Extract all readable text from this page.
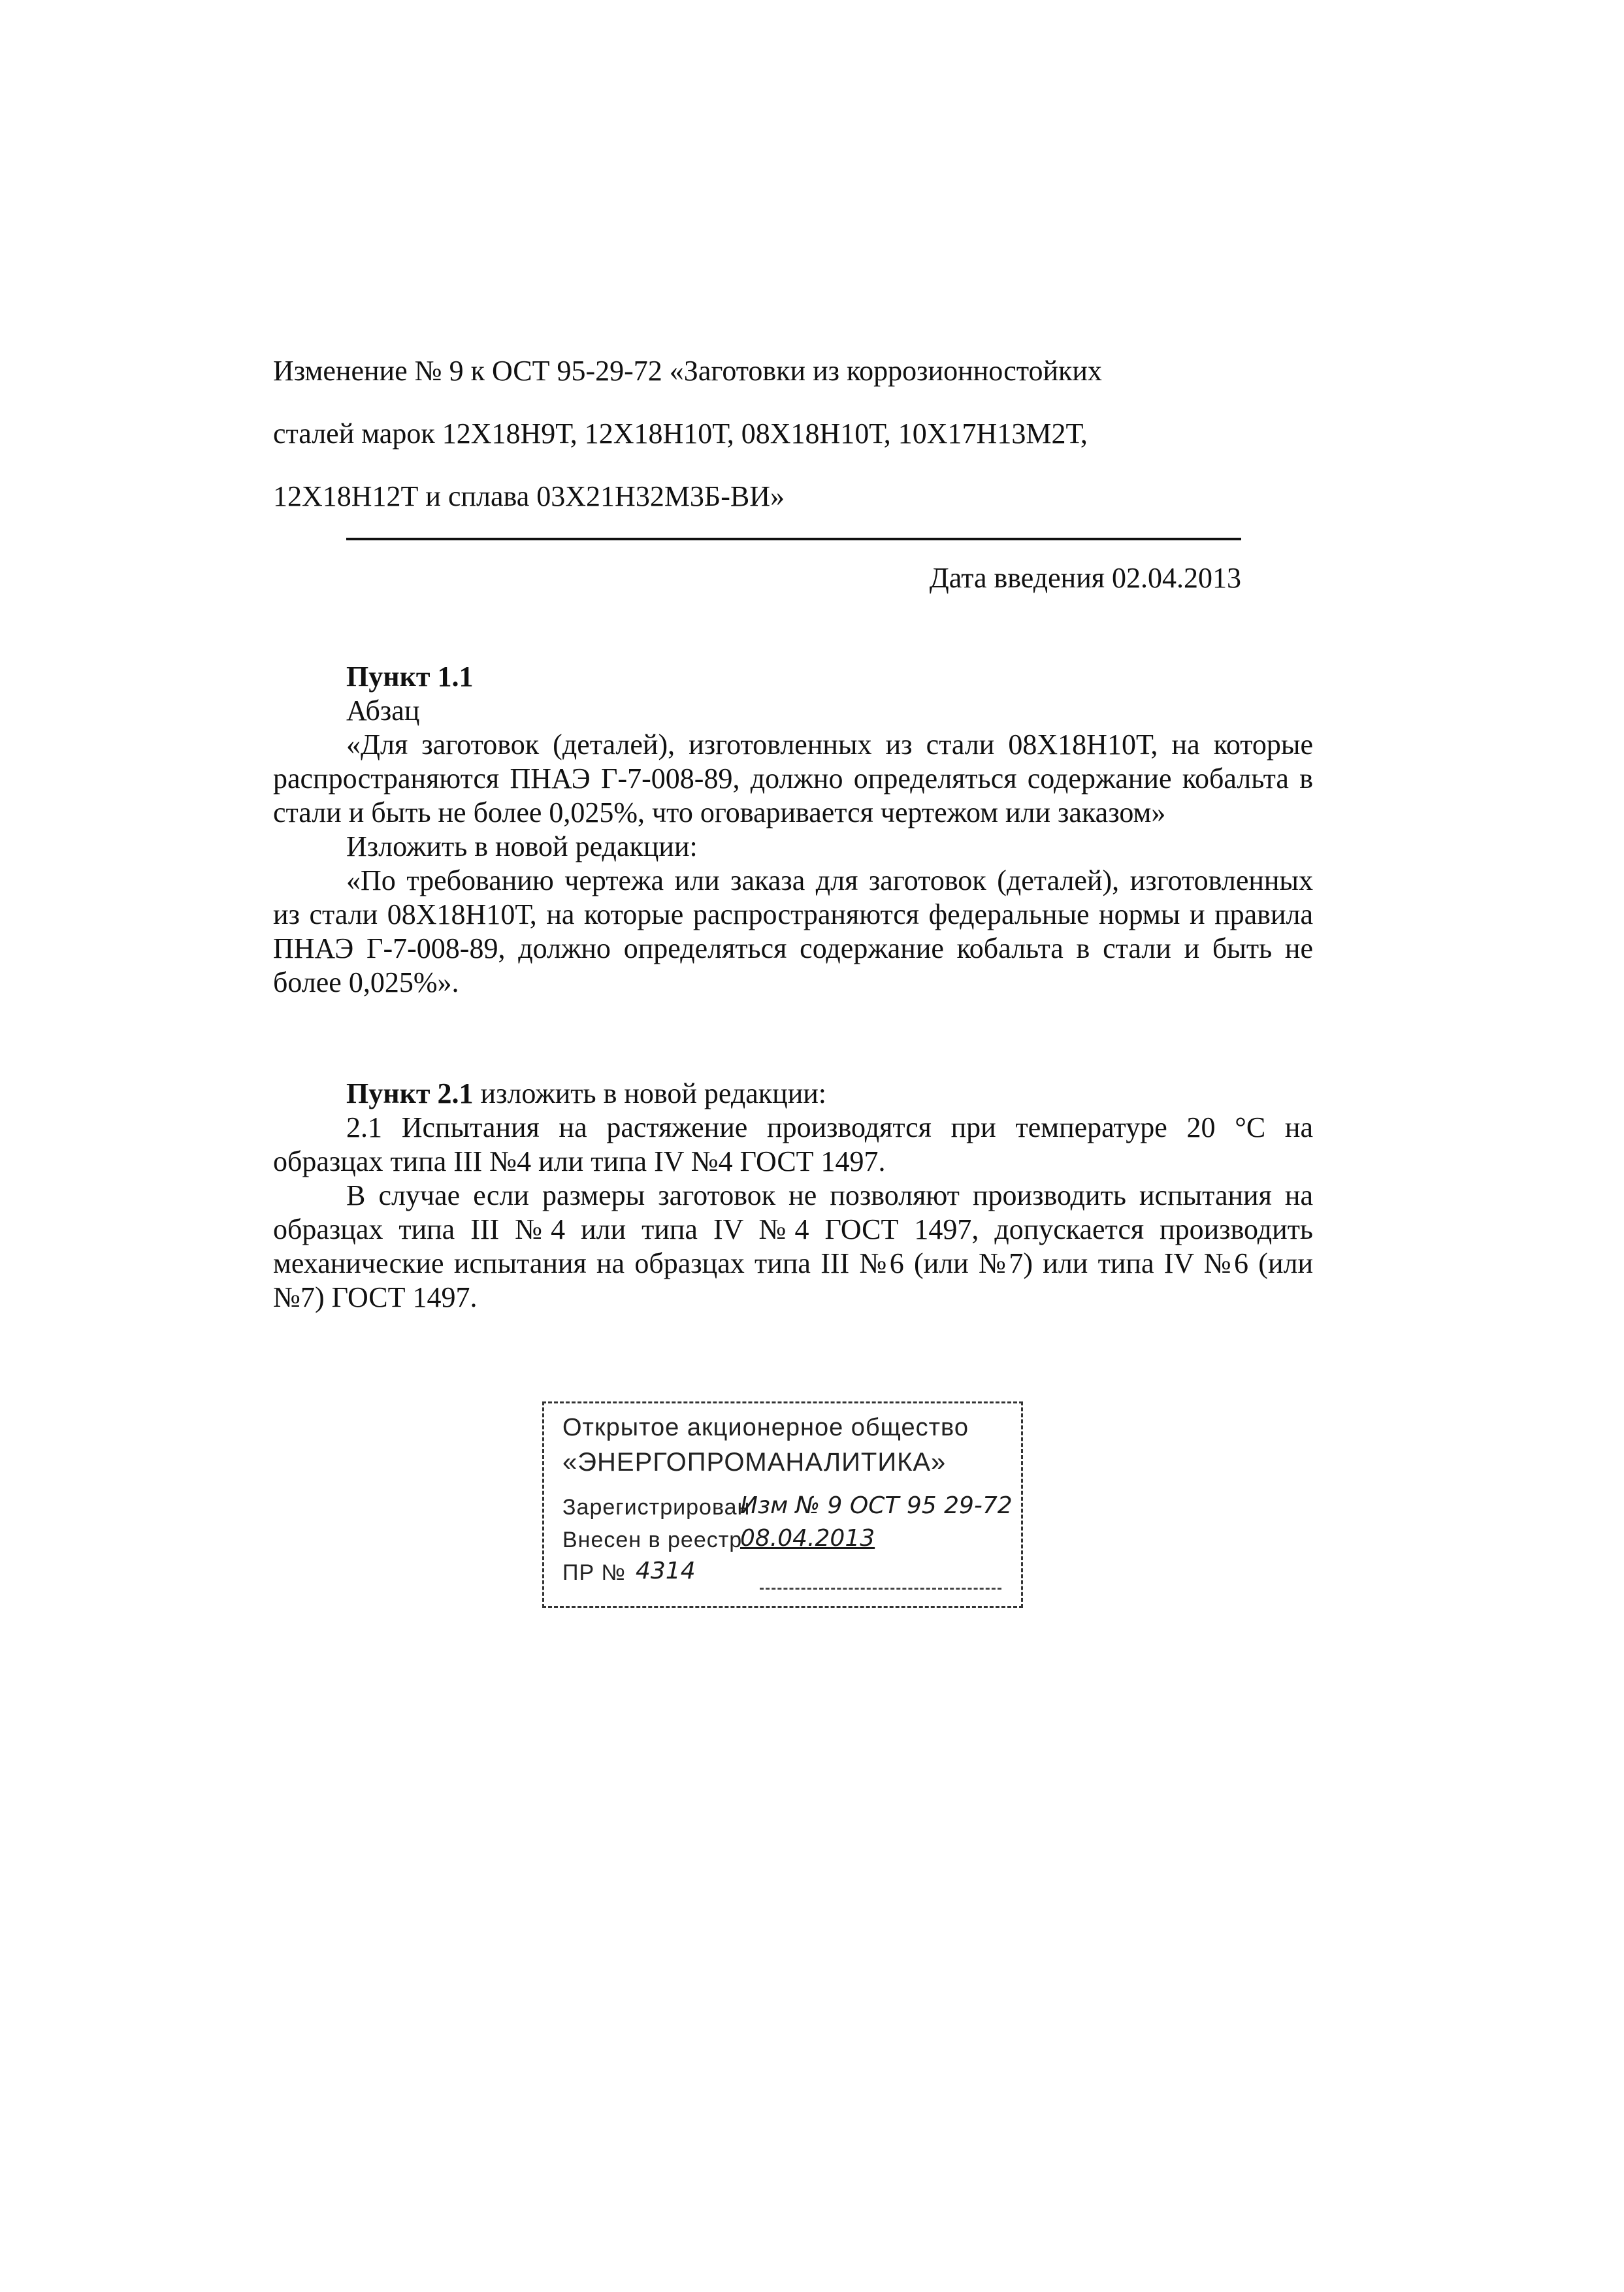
Изменение № 9 к ОСТ 95-29-72 «Заготовки из коррозионностойких
сталей марок 12Х18Н9Т, 12Х18Н10Т, 08Х18Н10Т, 10Х17Н13М2Т,
12Х18Н12Т и сплава 03Х21Н32М3Б-ВИ»
Дата введения 02.04.2013

Пункт 1.1

Абзац

«Для заготовок (деталей), изготовленных из стали 08Х18Н10Т, на которые распространяются ПНАЭ Г-7-008-89, должно определяться содержание кобальта в стали и быть не более 0,025%, что оговаривается чертежом или заказом»

Изложить в новой редакции:

«По требованию чертежа или заказа для заготовок (деталей), изготовленных из стали 08Х18Н10Т, на которые распространяются федеральные нормы и правила ПНАЭ Г-7-008-89, должно определяться содержание кобальта в стали и быть не более 0,025%».

Пункт 2.1 изложить в новой редакции:

2.1 Испытания на растяжение производятся при температуре 20 °С на образцах типа III №4 или типа IV №4 ГОСТ 1497.

В случае если размеры заготовок не позволяют производить испытания на образцах типа III №4 или типа IV №4 ГОСТ 1497, допускается производить механические испытания на образцах типа III №6 (или №7) или типа IV №6 (или №7) ГОСТ 1497.

Открытое акционерное общество
«ЭНЕРГОПРОМАНАЛИТИКА»
Зарегистрирован
Изм № 9 ОСТ 95 29-72
Внесен в реестр
08.04.2013
ПР № 4314
